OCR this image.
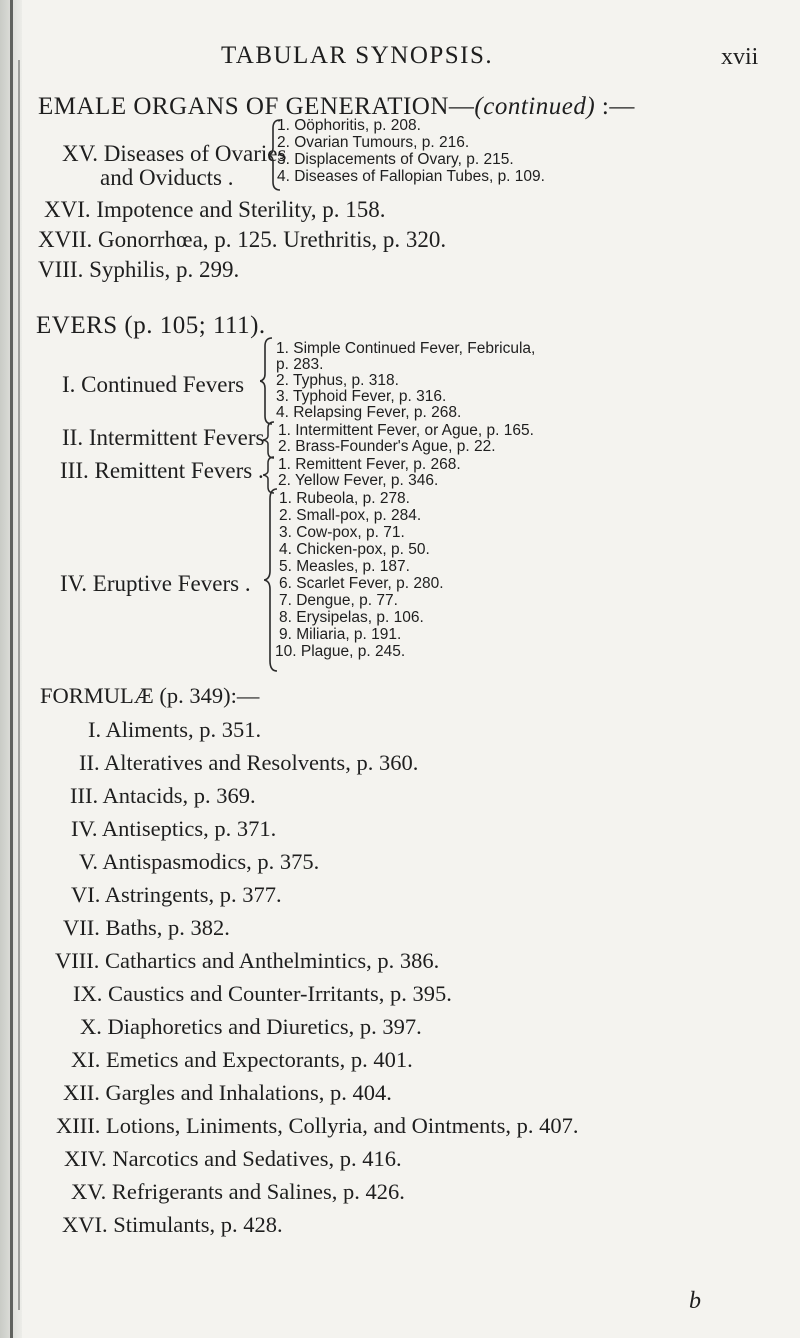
TABULAR SYNOPSIS.	xvii
EMALE ORGANS OF GENERATION—(continued) :—
XV. Diseases of Ovaries
and Oviducts .
1. Oöphoritis, p. 208.
2. Ovarian Tumours, p. 216.
3. Displacements of Ovary, p. 215.
4. Diseases of Fallopian Tubes, p. 109.
XVI. Impotence and Sterility, p. 158.
XVII. Gonorrhœa, p. 125. Urethritis, p. 320.
VIII. Syphilis, p. 299.
EVERS (p. 105; 111).
I. Continued Fevers
1. Simple Continued Fever, Febricula,
p. 283.
2. Typhus, p. 318.
3. Typhoid Fever, p. 316.
4. Relapsing Fever, p. 268.
II. Intermittent Fevers 1. Intermittent Fever, or Ague, p. 165.
2. Brass-Founder's Ague, p. 22.
III. Remittent Fevers . 1. Remittent Fever, p. 268.
2. Yellow Fever, p. 346.
IV. Eruptive Fevers .
1. Rubeola, p. 278.
2. Small-pox, p. 284.
3. Cow-pox, p. 71.
4. Chicken-pox, p. 50.
5. Measles, p. 187.
6. Scarlet Fever, p. 280.
7. Dengue, p. 77.
8. Erysipelas, p. 106.
9. Miliaria, p. 191.
10. Plague, p. 245.
FORMULÆ (p. 349):—
I. Aliments, p. 351.
II. Alteratives and Resolvents, p. 360.
III. Antacids, p. 369.
IV. Antiseptics, p. 371.
V. Antispasmodics, p. 375.
VI. Astringents, p. 377.
VII. Baths, p. 382.
VIII. Cathartics and Anthelmintics, p. 386.
IX. Caustics and Counter-Irritants, p. 395.
X. Diaphoretics and Diuretics, p. 397.
XI. Emetics and Expectorants, p. 401.
XII. Gargles and Inhalations, p. 404.
XIII. Lotions, Liniments, Collyria, and Ointments, p. 407.
XIV. Narcotics and Sedatives, p. 416.
XV. Refrigerants and Salines, p. 426.
XVI. Stimulants, p. 428.
b
